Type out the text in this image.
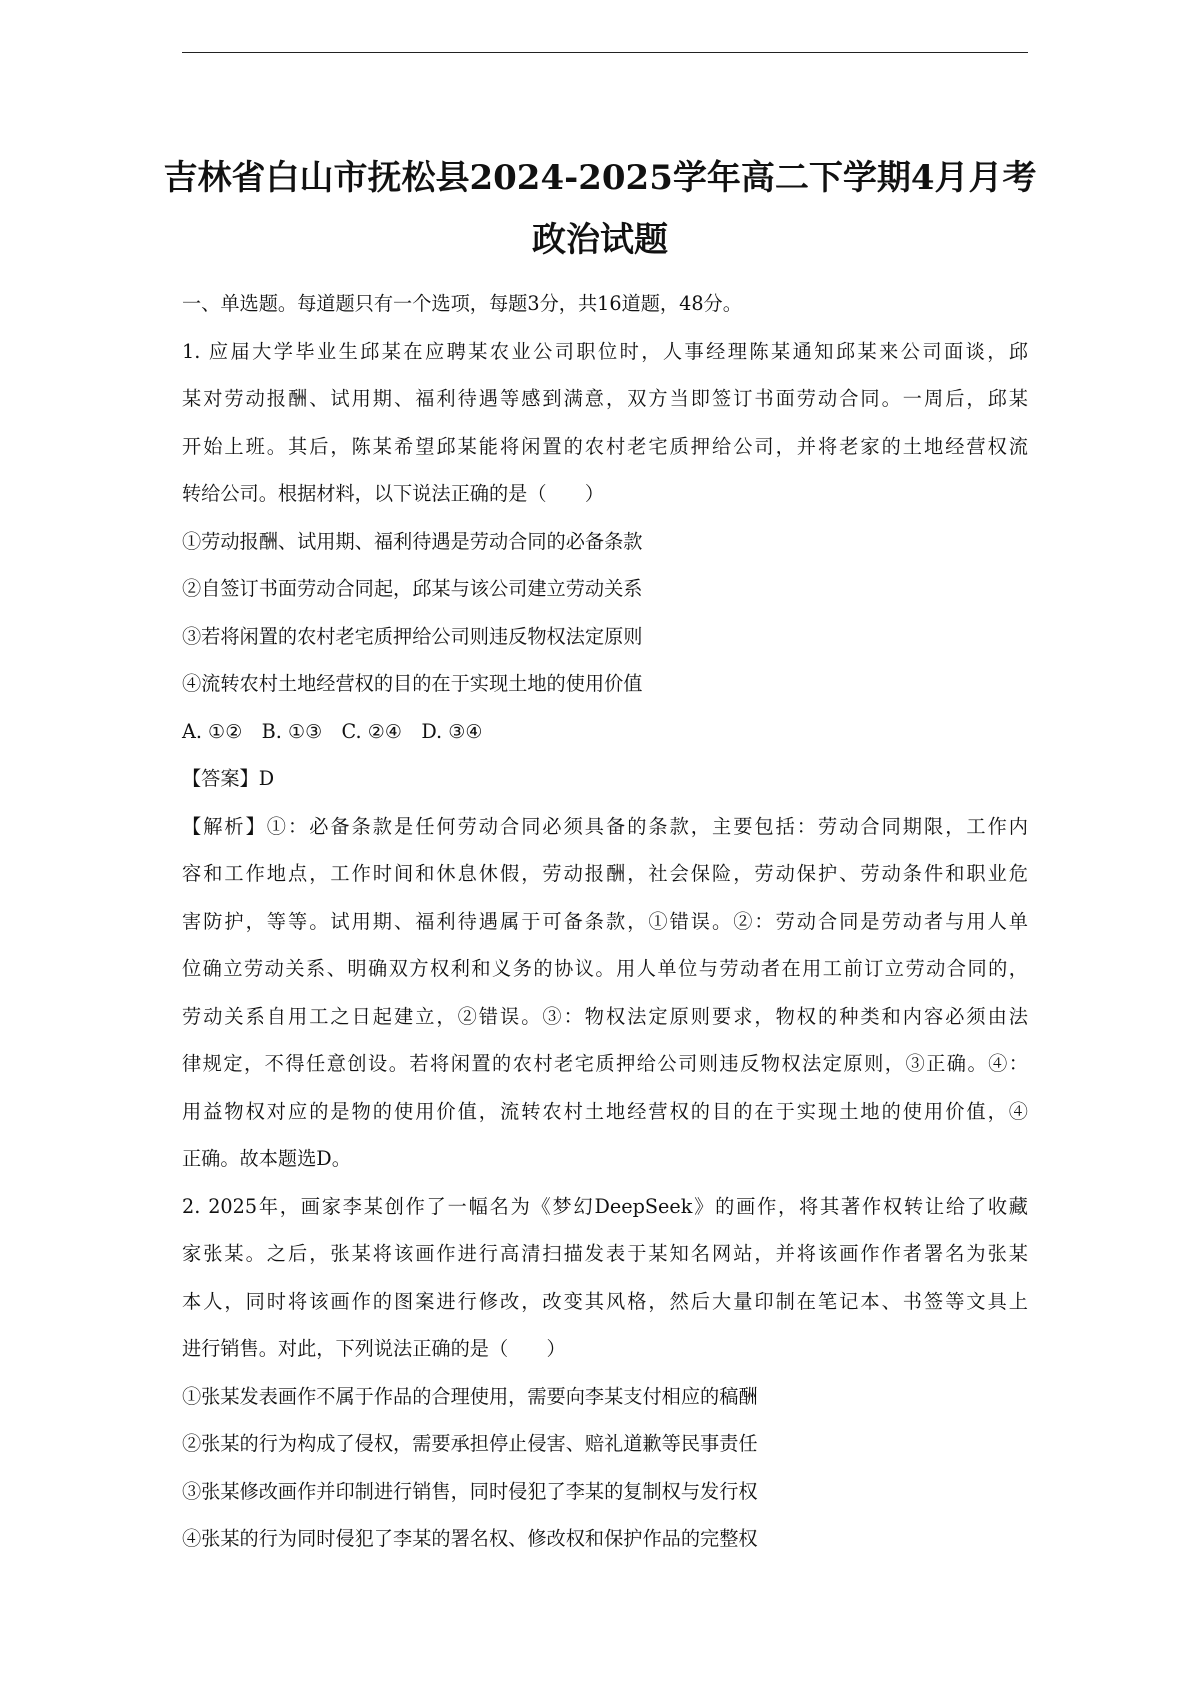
吉林省白山市抚松县2024-2025学年高二下学期4月月考
政治试题

一、单选题。每道题只有一个选项，每题3分，共16道题，48分。

1. 应届大学毕业生邱某在应聘某农业公司职位时，人事经理陈某通知邱某来公司面谈，邱

某对劳动报酬、试用期、福利待遇等感到满意，双方当即签订书面劳动合同。一周后，邱某

开始上班。其后，陈某希望邱某能将闲置的农村老宅质押给公司，并将老家的土地经营权流

转给公司。根据材料，以下说法正确的是（　　）

①劳动报酬、试用期、福利待遇是劳动合同的必备条款

②自签订书面劳动合同起，邱某与该公司建立劳动关系

③若将闲置的农村老宅质押给公司则违反物权法定原则

④流转农村土地经营权的目的在于实现土地的使用价值

A. ①②　B. ①③　C. ②④　D. ③④

【答案】D

【解析】①：必备条款是任何劳动合同必须具备的条款，主要包括：劳动合同期限，工作内

容和工作地点，工作时间和休息休假，劳动报酬，社会保险，劳动保护、劳动条件和职业危

害防护，等等。试用期、福利待遇属于可备条款，①错误。②：劳动合同是劳动者与用人单

位确立劳动关系、明确双方权利和义务的协议。用人单位与劳动者在用工前订立劳动合同的，

劳动关系自用工之日起建立，②错误。③：物权法定原则要求，物权的种类和内容必须由法

律规定，不得任意创设。若将闲置的农村老宅质押给公司则违反物权法定原则，③正确。④：

用益物权对应的是物的使用价值，流转农村土地经营权的目的在于实现土地的使用价值，④

正确。故本题选D。

2. 2025年，画家李某创作了一幅名为《梦幻DeepSeek》的画作，将其著作权转让给了收藏

家张某。之后，张某将该画作进行高清扫描发表于某知名网站，并将该画作作者署名为张某

本人，同时将该画作的图案进行修改，改变其风格，然后大量印制在笔记本、书签等文具上

进行销售。对此，下列说法正确的是（　　）

①张某发表画作不属于作品的合理使用，需要向李某支付相应的稿酬

②张某的行为构成了侵权，需要承担停止侵害、赔礼道歉等民事责任

③张某修改画作并印制进行销售，同时侵犯了李某的复制权与发行权

④张某的行为同时侵犯了李某的署名权、修改权和保护作品的完整权
